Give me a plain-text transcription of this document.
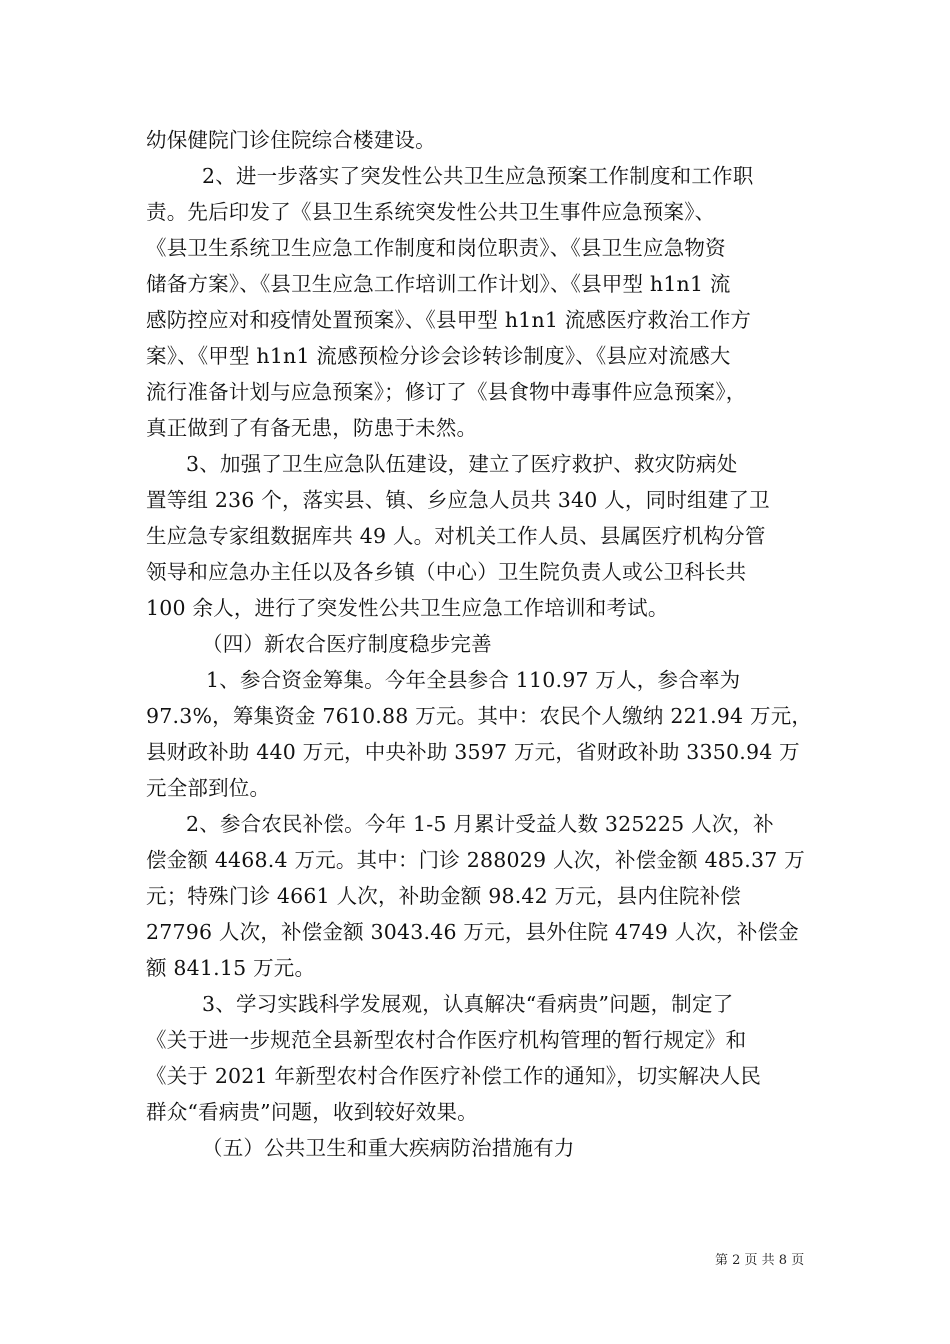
幼保健院门诊住院综合楼建设。
2、进一步落实了突发性公共卫生应急预案工作制度和工作职
责。先后印发了《县卫生系统突发性公共卫生事件应急预案》、
《县卫生系统卫生应急工作制度和岗位职责》、《县卫生应急物资
储备方案》、《县卫生应急工作培训工作计划》、《县甲型 h1n1 流
感防控应对和疫情处置预案》、《县甲型 h1n1 流感医疗救治工作方
案》、《甲型 h1n1 流感预检分诊会诊转诊制度》、《县应对流感大
流行准备计划与应急预案》；修订了《县食物中毒事件应急预案》，
真正做到了有备无患，防患于未然。
3、加强了卫生应急队伍建设，建立了医疗救护、救灾防病处
置等组 236 个，落实县、镇、乡应急人员共 340 人，同时组建了卫
生应急专家组数据库共 49 人。对机关工作人员、县属医疗机构分管
领导和应急办主任以及各乡镇（中心）卫生院负责人或公卫科长共
100 余人，进行了突发性公共卫生应急工作培训和考试。
（四）新农合医疗制度稳步完善
1、参合资金筹集。今年全县参合 110.97 万人，参合率为
97.3%，筹集资金 7610.88 万元。其中：农民个人缴纳 221.94 万元，
县财政补助 440 万元，中央补助 3597 万元，省财政补助 3350.94 万
元全部到位。
2、参合农民补偿。今年 1-5 月累计受益人数 325225 人次，补
偿金额 4468.4 万元。其中：门诊 288029 人次，补偿金额 485.37 万
元；特殊门诊 4661 人次，补助金额 98.42 万元，县内住院补偿
27796 人次，补偿金额 3043.46 万元，县外住院 4749 人次，补偿金
额 841.15 万元。
3、学习实践科学发展观，认真解决“看病贵”问题，制定了
《关于进一步规范全县新型农村合作医疗机构管理的暂行规定》和
《关于 2021 年新型农村合作医疗补偿工作的通知》，切实解决人民
群众“看病贵”问题，收到较好效果。
（五）公共卫生和重大疾病防治措施有力
第 2 页 共 8 页
